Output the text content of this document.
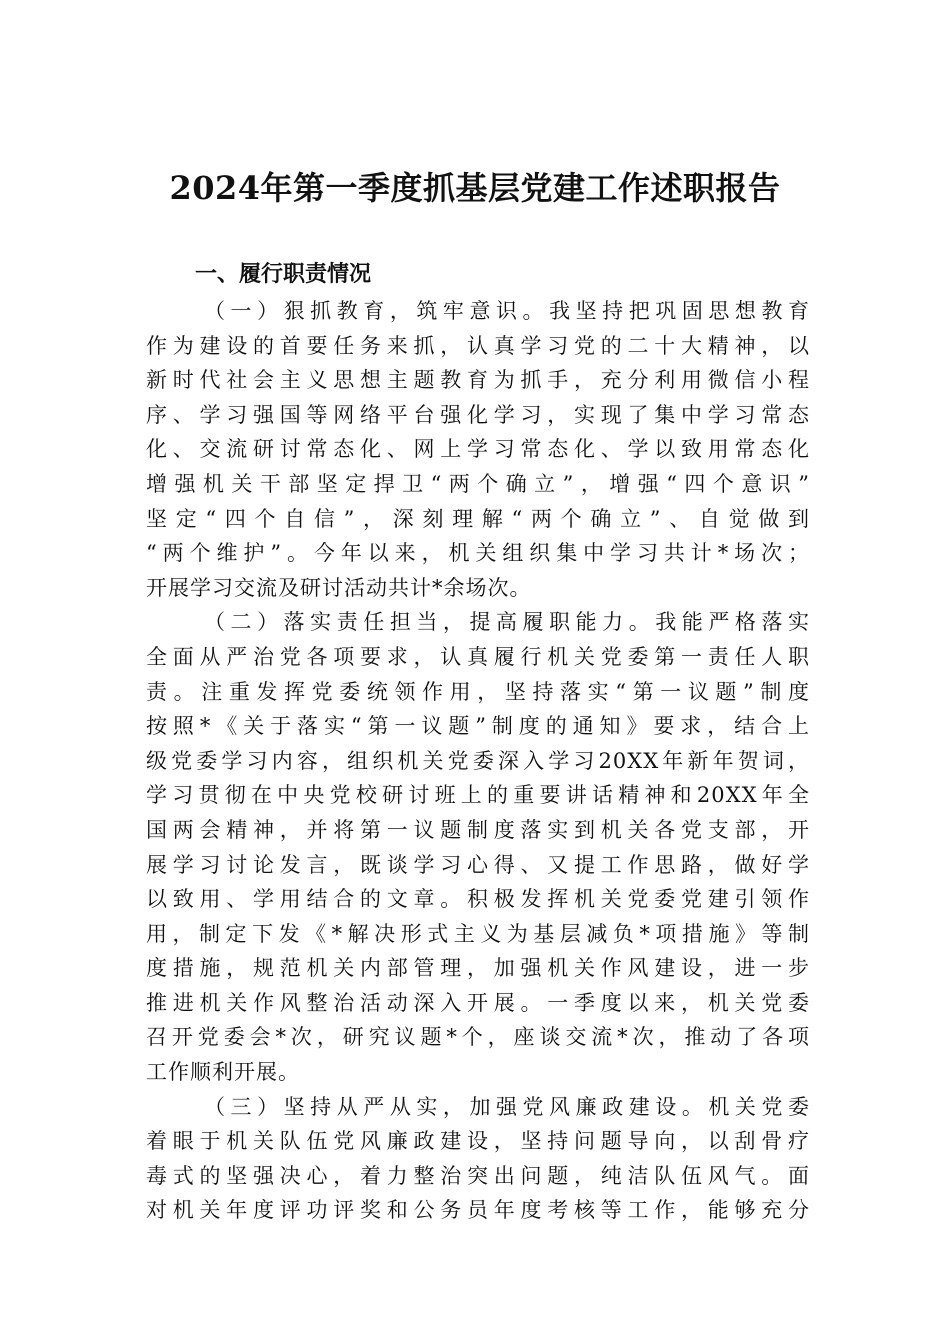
2024年第一季度抓基层党建工作述职报告
一、履行职责情况
（一）狠抓教育，筑牢意识。我坚持把巩固思想教育
作为建设的首要任务来抓，认真学习党的二十大精神，以
新时代社会主义思想主题教育为抓手，充分利用微信小程
序、学习强国等网络平台强化学习，实现了集中学习常态
化、交流研讨常态化、网上学习常态化、学以致用常态化
增强机关干部坚定捍卫“两个确立”，增强“四个意识”
坚定“四个自信”，深刻理解“两个确立”、自觉做到
“两个维护”。今年以来，机关组织集中学习共计*场次；
开展学习交流及研讨活动共计*余场次。
（二）落实责任担当，提高履职能力。我能严格落实
全面从严治党各项要求，认真履行机关党委第一责任人职
责。注重发挥党委统领作用，坚持落实“第一议题”制度
按照*《关于落实“第一议题”制度的通知》要求，结合上
级党委学习内容，组织机关党委深入学习20XX年新年贺词，
学习贯彻在中央党校研讨班上的重要讲话精神和20XX年全
国两会精神，并将第一议题制度落实到机关各党支部，开
展学习讨论发言，既谈学习心得、又提工作思路，做好学
以致用、学用结合的文章。积极发挥机关党委党建引领作
用，制定下发《*解决形式主义为基层减负*项措施》等制
度措施，规范机关内部管理，加强机关作风建设，进一步
推进机关作风整治活动深入开展。一季度以来，机关党委
召开党委会*次，研究议题*个，座谈交流*次，推动了各项
工作顺利开展。
（三）坚持从严从实，加强党风廉政建设。机关党委
着眼于机关队伍党风廉政建设，坚持问题导向，以刮骨疗
毒式的坚强决心，着力整治突出问题，纯洁队伍风气。面
对机关年度评功评奖和公务员年度考核等工作，能够充分
